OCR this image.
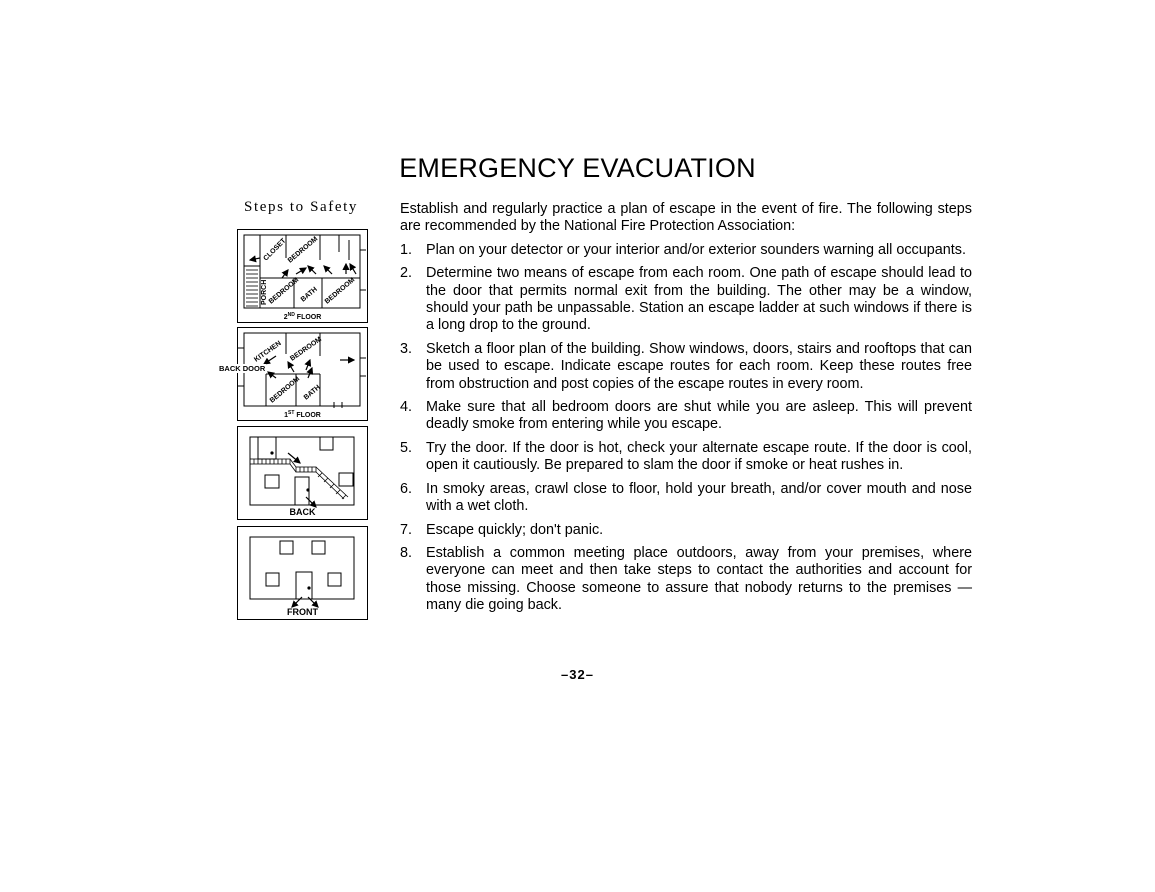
EMERGENCY EVACUATION
Steps to Safety
CLOSET BEDROOM
PORCH BEDROOM BATH BEDROOM
2ND FLOOR
KITCHEN BEDROOM
BEDROOM BATH
1ST FLOOR
BACK DOOR
BACK
FRONT

Establish and regularly practice a plan of escape in the event of fire. The following steps are recommended by the National Fire Protection Association:

1. Plan on your detector or your interior and/or exterior sounders warning all occupants.
2. Determine two means of escape from each room. One path of escape should lead to the door that permits normal exit from the building. The other may be a window, should your path be unpassable. Station an escape ladder at such windows if there is a long drop to the ground.
3. Sketch a floor plan of the building. Show windows, doors, stairs and rooftops that can be used to escape. Indicate escape routes for each room. Keep these routes free from obstruction and post copies of the escape routes in every room.
4. Make sure that all bedroom doors are shut while you are asleep. This will prevent deadly smoke from entering while you escape.
5. Try the door. If the door is hot, check your alternate escape route. If the door is cool, open it cautiously. Be prepared to slam the door if smoke or heat rushes in.
6. In smoky areas, crawl close to floor, hold your breath, and/or cover mouth and nose with a wet cloth.
7. Escape quickly; don't panic.
8. Establish a common meeting place outdoors, away from your premises, where everyone can meet and then take steps to contact the authorities and account for those missing. Choose someone to assure that nobody returns to the premises — many die going back.
–32–
